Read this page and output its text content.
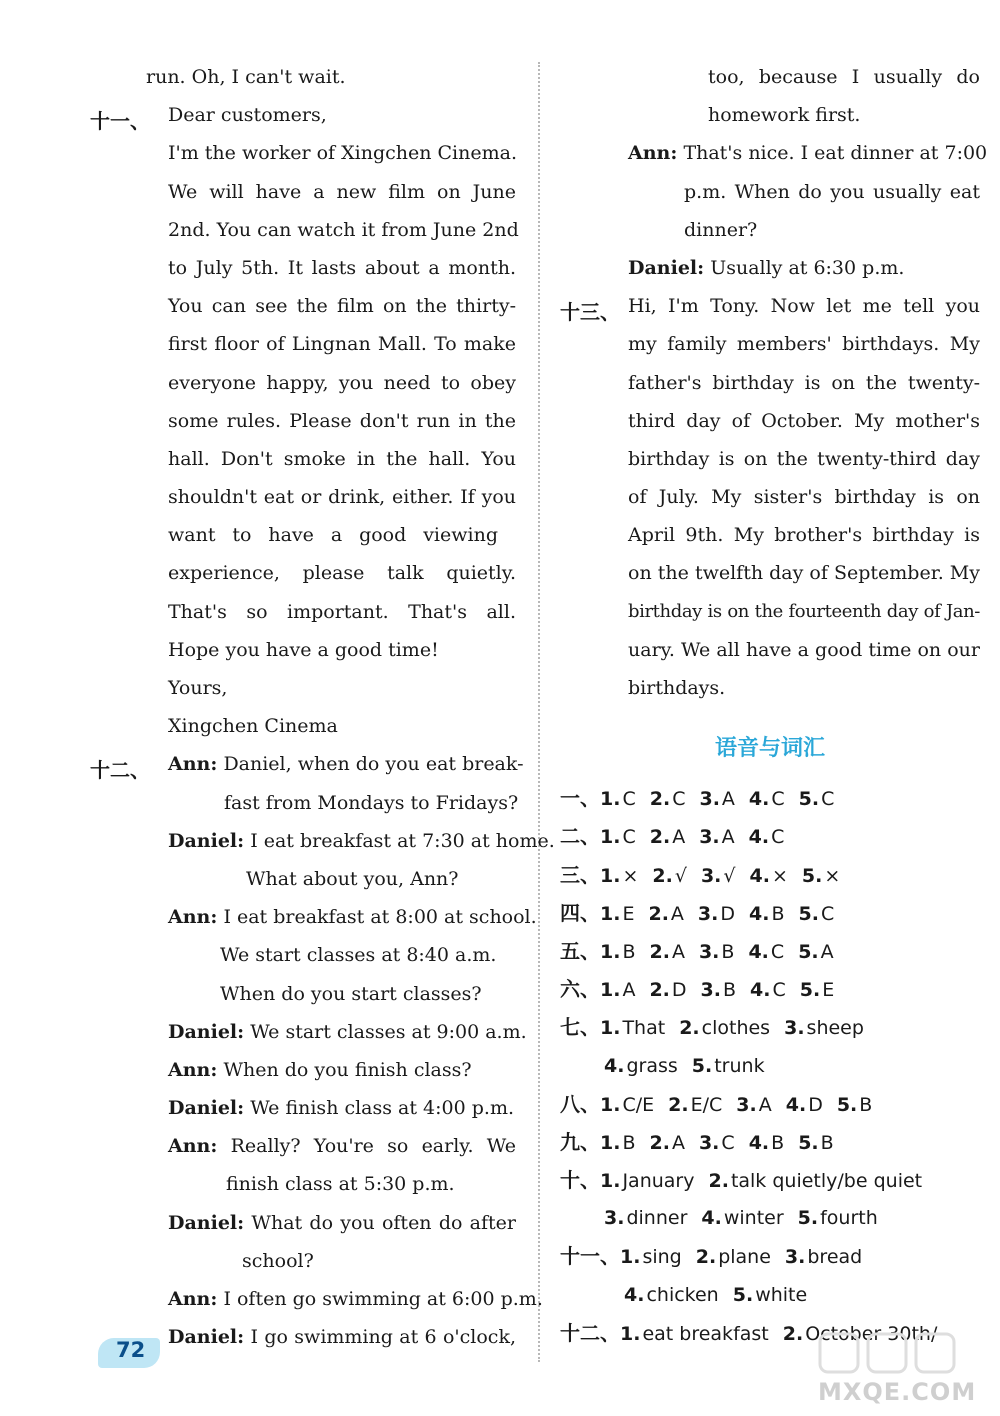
run. Oh, I can't wait.
十一、 Dear customers,
I'm the worker of Xingchen Cinema.
We will have a new film on June
2nd. You can watch it from June 2nd
to July 5th. It lasts about a month.
You can see the film on the thirty-
first floor of Lingnan Mall. To make
everyone happy, you need to obey
some rules. Please don't run in the
hall. Don't smoke in the hall. You
shouldn't eat or drink, either. If you
want to have a good viewing
experience, please talk quietly.
That's so important. That's all.
Hope you have a good time!
Yours,
Xingchen Cinema
十二、 Ann: Daniel, when do you eat break-
fast from Mondays to Fridays?
Daniel: I eat breakfast at 7:30 at home.
What about you, Ann?
Ann: I eat breakfast at 8:00 at school.
We start classes at 8:40 a.m.
When do you start classes?
Daniel: We start classes at 9:00 a.m.
Ann: When do you finish class?
Daniel: We finish class at 4:00 p.m.
Ann: Really? You're so early. We
finish class at 5:30 p.m.
Daniel: What do you often do after
school?
Ann: I often go swimming at 6:00 p.m.
Daniel: I go swimming at 6 o'clock,
too, because I usually do
homework first.
Ann: That's nice. I eat dinner at 7:00
p.m. When do you usually eat
dinner?
Daniel: Usually at 6:30 p.m.
十三、 Hi, I'm Tony. Now let me tell you
my family members' birthdays. My
father's birthday is on the twenty-
third day of October. My mother's
birthday is on the twenty-third day
of July. My sister's birthday is on
April 9th. My brother's birthday is
on the twelfth day of September. My
birthday is on the fourteenth day of Jan-
uary. We all have a good time on our
birthdays.
语音与词汇
一、1. C 2. C 3. A 4. C 5. C
二、1. C 2. A 3. A 4. C
三、1. × 2. √ 3. √ 4. × 5. ×
四、1. E 2. A 3. D 4. B 5. C
五、1. B 2. A 3. B 4. C 5. A
六、1. A 2. D 3. B 4. C 5. E
七、1. That 2. clothes 3. sheep
4. grass 5. trunk
八、1. C/E 2. E/C 3. A 4. D 5. B
九、1. B 2. A 3. C 4. B 5. B
十、1. January 2. talk quietly/be quiet
3. dinner 4. winter 5. fourth
十一、1. sing 2. plane 3. bread
4. chicken 5. white
十二、1. eat breakfast 2. October 30th/
72
MXQE.COM
